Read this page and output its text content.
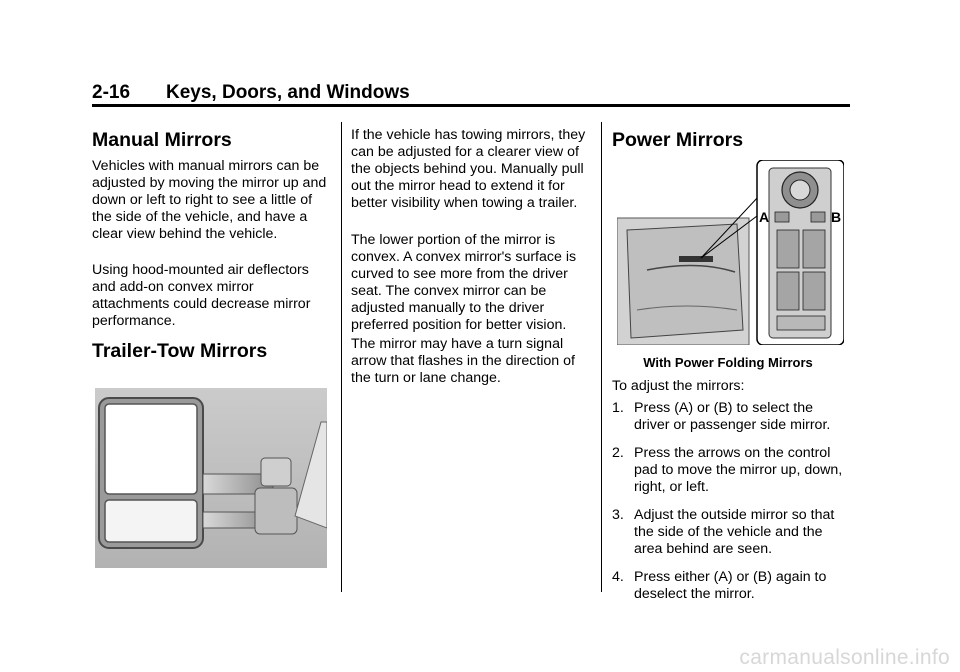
2-16 Keys, Doors, and Windows
Manual Mirrors

Vehicles with manual mirrors can be adjusted by moving the mirror up and down or left to right to see a little of the side of the vehicle, and have a clear view behind the vehicle.

Using hood-mounted air deflectors and add-on convex mirror attachments could decrease mirror performance.

Trailer-Tow Mirrors

If the vehicle has towing mirrors, they can be adjusted for a clearer view of the objects behind you. Manually pull out the mirror head to extend it for better visibility when towing a trailer.

The lower portion of the mirror is convex. A convex mirror's surface is curved to see more from the driver seat. The convex mirror can be adjusted manually to the driver preferred position for better vision.

The mirror may have a turn signal arrow that flashes in the direction of the turn or lane change.

Power Mirrors
A	B
With Power Folding Mirrors

To adjust the mirrors:

1. Press (A) or (B) to select the driver or passenger side mirror.
2. Press the arrows on the control pad to move the mirror up, down, right, or left.
3. Adjust the outside mirror so that the side of the vehicle and the area behind are seen.
4. Press either (A) or (B) again to deselect the mirror.
carmanualsonline.info
